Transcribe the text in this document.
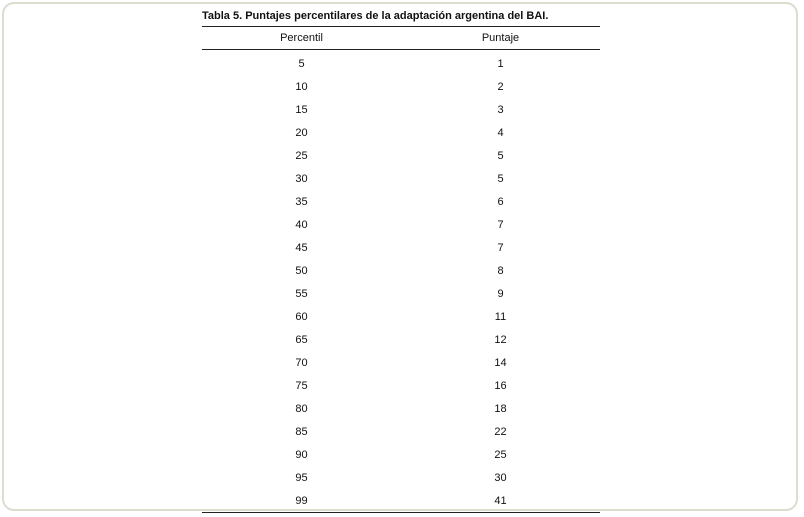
Tabla 5. Puntajes percentilares de la adaptación argentina del BAI.
Percentil	Puntaje
5	1
10	2
15	3
20	4
25	5
30	5
35	6
40	7
45	7
50	8
55	9
60	11
65	12
70	14
75	16
80	18
85	22
90	25
95	30
99	41
